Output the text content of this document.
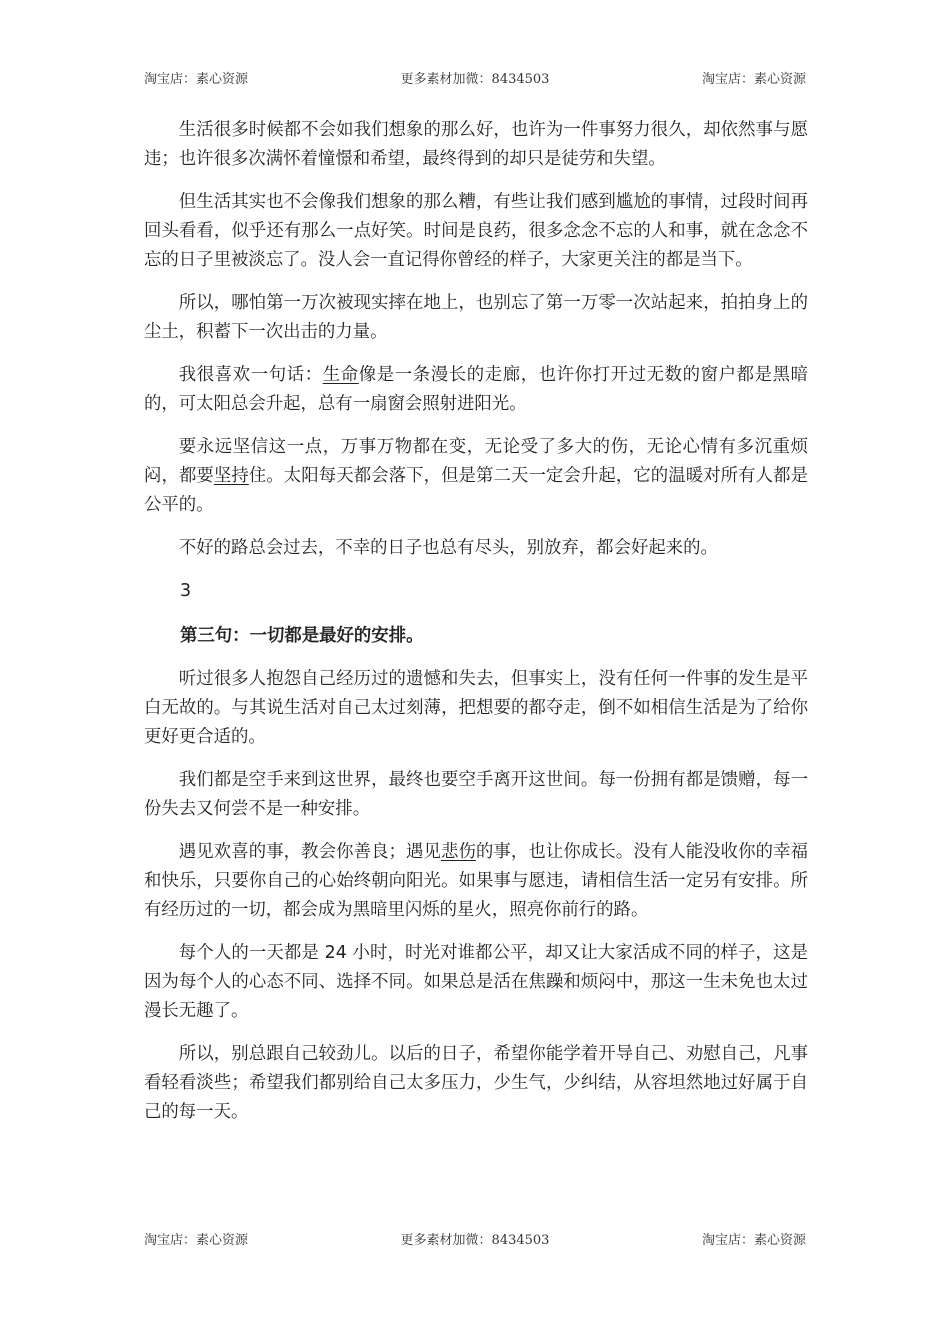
淘宝店：素心资源	更多素材加微：8434503	淘宝店：素心资源

生活很多时候都不会如我们想象的那么好，也许为一件事努力很久，却依然事与愿违；也许很多次满怀着憧憬和希望，最终得到的却只是徒劳和失望。

但生活其实也不会像我们想象的那么糟，有些让我们感到尴尬的事情，过段时间再回头看看，似乎还有那么一点好笑。时间是良药，很多念念不忘的人和事，就在念念不忘的日子里被淡忘了。没人会一直记得你曾经的样子，大家更关注的都是当下。

所以，哪怕第一万次被现实摔在地上，也别忘了第一万零一次站起来，拍拍身上的尘土，积蓄下一次出击的力量。

我很喜欢一句话：生命像是一条漫长的走廊，也许你打开过无数的窗户都是黑暗的，可太阳总会升起，总有一扇窗会照射进阳光。

要永远坚信这一点，万事万物都在变，无论受了多大的伤，无论心情有多沉重烦闷，都要坚持住。太阳每天都会落下，但是第二天一定会升起，它的温暖对所有人都是公平的。

不好的路总会过去，不幸的日子也总有尽头，别放弃，都会好起来的。

3

第三句：一切都是最好的安排。

听过很多人抱怨自己经历过的遗憾和失去，但事实上，没有任何一件事的发生是平白无故的。与其说生活对自己太过刻薄，把想要的都夺走，倒不如相信生活是为了给你更好更合适的。

我们都是空手来到这世界，最终也要空手离开这世间。每一份拥有都是馈赠，每一份失去又何尝不是一种安排。

遇见欢喜的事，教会你善良；遇见悲伤的事，也让你成长。没有人能没收你的幸福和快乐，只要你自己的心始终朝向阳光。如果事与愿违，请相信生活一定另有安排。所有经历过的一切，都会成为黑暗里闪烁的星火，照亮你前行的路。

每个人的一天都是 24 小时，时光对谁都公平，却又让大家活成不同的样子，这是因为每个人的心态不同、选择不同。如果总是活在焦躁和烦闷中，那这一生未免也太过漫长无趣了。

所以，别总跟自己较劲儿。以后的日子，希望你能学着开导自己、劝慰自己，凡事看轻看淡些；希望我们都别给自己太多压力，少生气，少纠结，从容坦然地过好属于自己的每一天。

淘宝店：素心资源	更多素材加微：8434503	淘宝店：素心资源
